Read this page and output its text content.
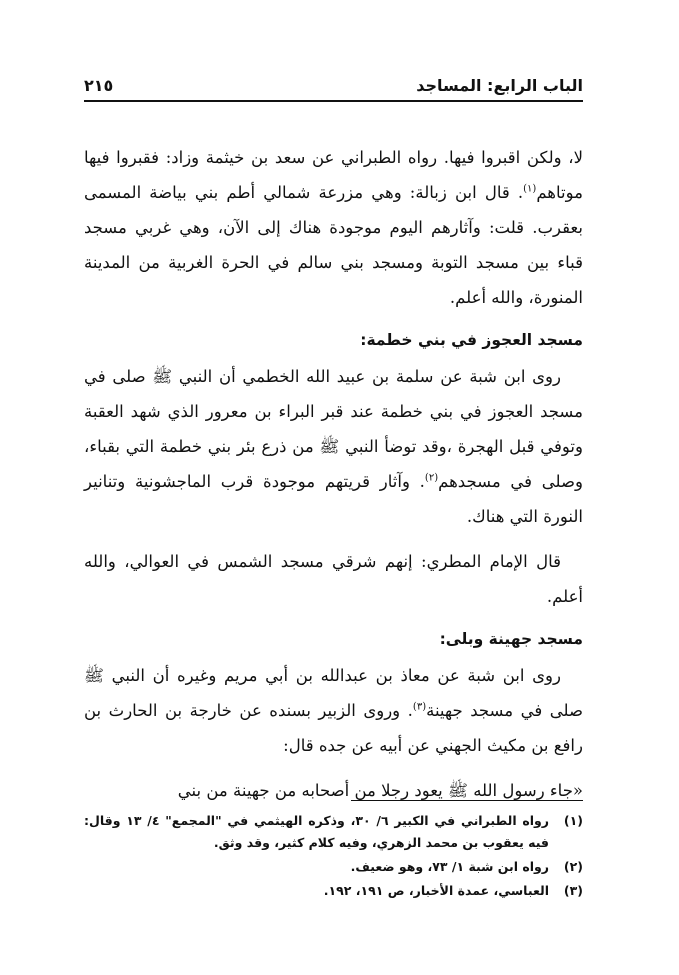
الباب الرابع: المساجد
٢١٥

لا، ولكن اقبروا فيها. رواه الطبراني عن سعد بن خيثمة وزاد: فقبروا فيها موتاهم$^{(١)}$. قال ابن زبالة: وهي مزرعة شمالي أطم بني بياضة المسمى بعقرب. قلت: وآثارهم اليوم موجودة هناك إلى الآن، وهي غربي مسجد قباء بين مسجد التوبة ومسجد بني سالم في الحرة الغربية من المدينة المنورة، والله أعلم.

مسجد العجوز في بني خطمة:

روى ابن شبة عن سلمة بن عبيد الله الخطمي أن النبي ﷺ صلى في مسجد العجوز في بني خطمة عند قبر البراء بن معرور الذي شهد العقبة وتوفي قبل الهجرة ،وقد توضأ النبي ﷺ من ذرع بئر بني خطمة التي بقباء، وصلى في مسجدهم$^{(٢)}$. وآثار قريتهم موجودة قرب الماجشونية وتنانير النورة التي هناك.

قال الإمام المطري: إنهم شرقي مسجد الشمس في العوالي، والله أعلم.

مسجد جهينة وبلى:

روى ابن شبة عن معاذ بن عبدالله بن أبي مريم وغيره أن النبي ﷺ صلى في مسجد جهينة$^{(٣)}$. وروى الزبير بسنده عن خارجة بن الحارث بن رافع بن مكيث الجهني عن أبيه عن جده قال:

«جاء رسول الله ﷺ يعود رجلا من أصحابه من جهينة من بني

(١)
رواه الطبراني في الكبير ٦/ ٣٠، وذكره الهيثمي في "المجمع" ٤/ ١٣ وقال: فيه يعقوب بن محمد الزهري، وفيه كلام كثير، وقد وثق.
(٢)
رواه ابن شبة ١/ ٧٣، وهو ضعيف.
(٣)
العباسي، عمدة الأخبار، ص ١٩١، ١٩٢.
